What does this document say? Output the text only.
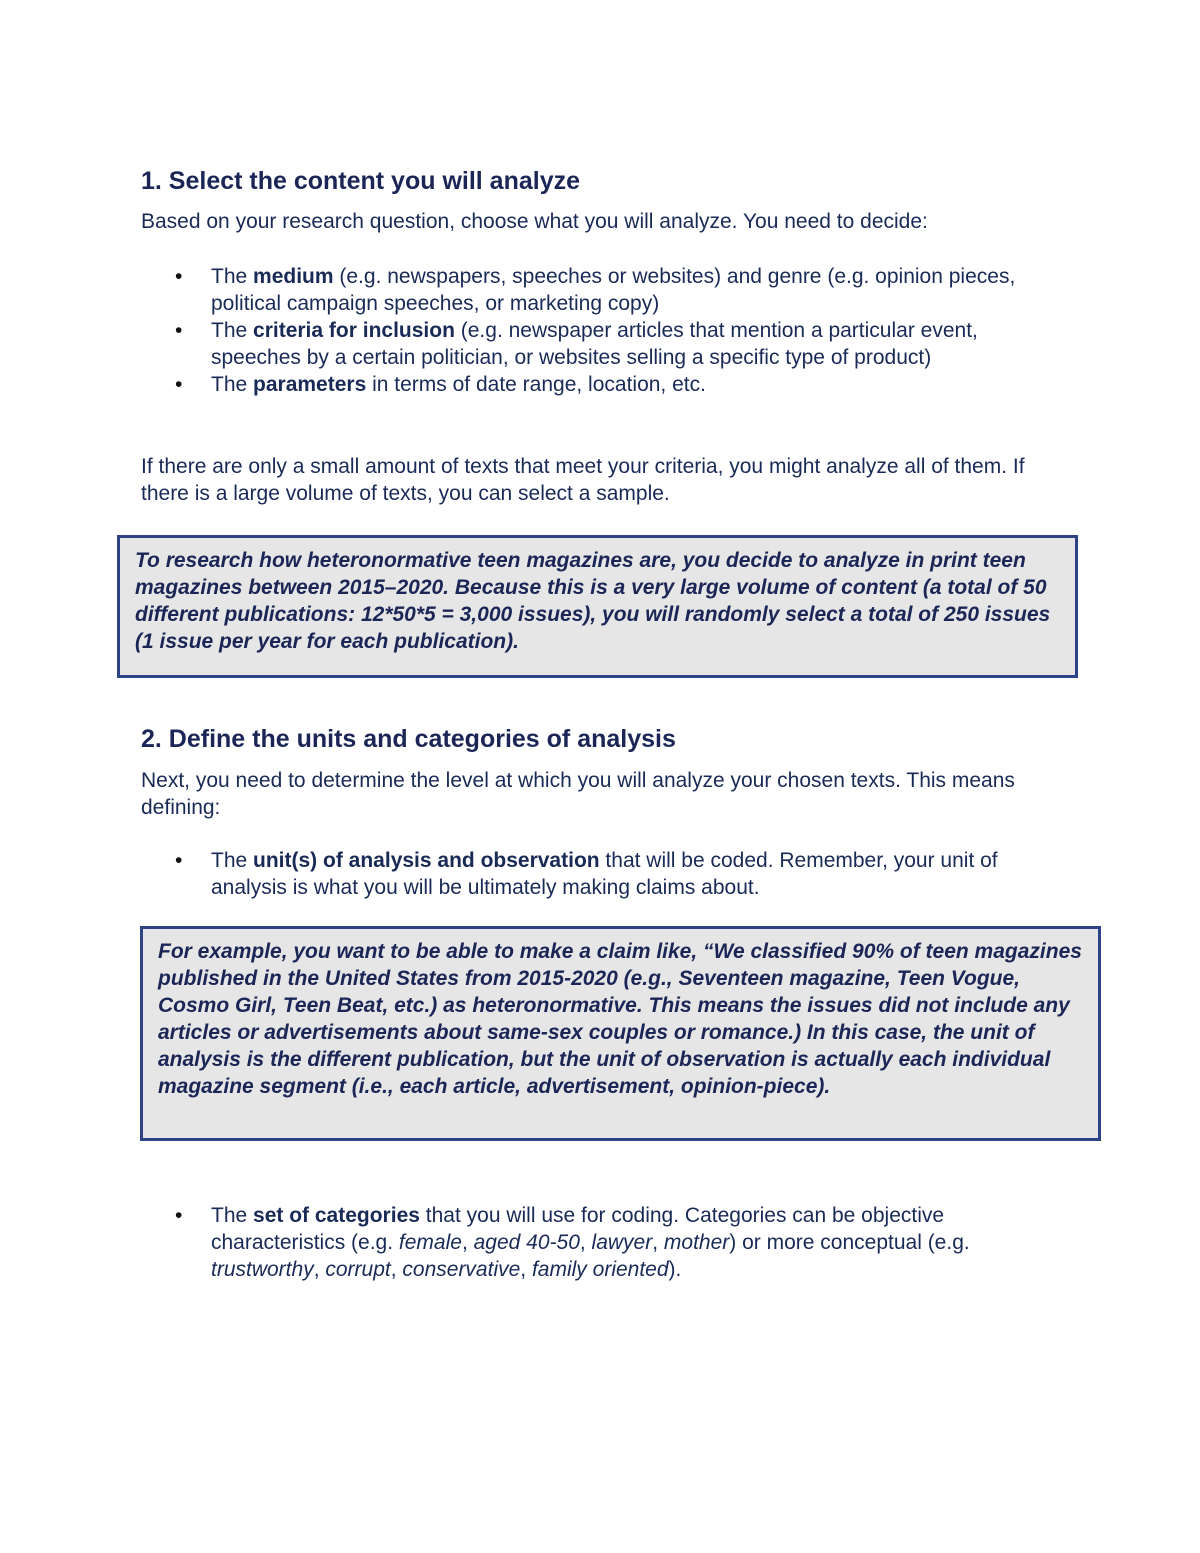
1. Select the content you will analyze

Based on your research question, choose what you will analyze. You need to decide:

• The medium (e.g. newspapers, speeches or websites) and genre (e.g. opinion pieces, political campaign speeches, or marketing copy)
• The criteria for inclusion (e.g. newspaper articles that mention a particular event, speeches by a certain politician, or websites selling a specific type of product)
• The parameters in terms of date range, location, etc.

If there are only a small amount of texts that meet your criteria, you might analyze all of them. If there is a large volume of texts, you can select a sample.

To research how heteronormative teen magazines are, you decide to analyze in print teen magazines between 2015–2020. Because this is a very large volume of content (a total of 50 different publications: 12*50*5 = 3,000 issues), you will randomly select a total of 250 issues (1 issue per year for each publication).

2. Define the units and categories of analysis

Next, you need to determine the level at which you will analyze your chosen texts. This means defining:

• The unit(s) of analysis and observation that will be coded. Remember, your unit of analysis is what you will be ultimately making claims about.

For example, you want to be able to make a claim like, “We classified 90% of teen magazines published in the United States from 2015-2020 (e.g., Seventeen magazine, Teen Vogue, Cosmo Girl, Teen Beat, etc.) as heteronormative. This means the issues did not include any articles or advertisements about same-sex couples or romance.) In this case, the unit of analysis is the different publication, but the unit of observation is actually each individual magazine segment (i.e., each article, advertisement, opinion-piece).

• The set of categories that you will use for coding. Categories can be objective characteristics (e.g. female, aged 40-50, lawyer, mother) or more conceptual (e.g. trustworthy, corrupt, conservative, family oriented).
